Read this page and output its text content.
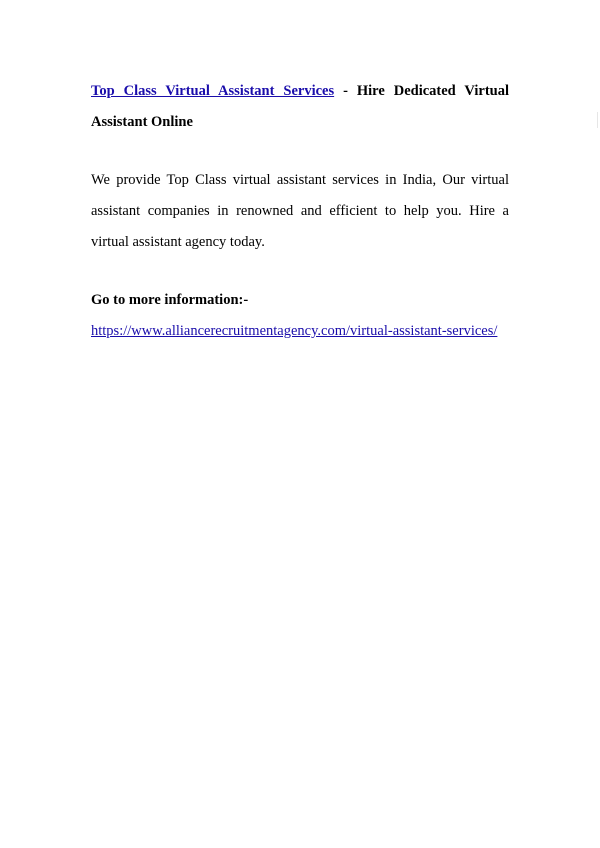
Top Class Virtual Assistant Services - Hire Dedicated Virtual Assistant Online

We provide Top Class virtual assistant services in India, Our virtual assistant companies in renowned and efficient to help you. Hire a virtual assistant agency today.

Go to more information:-

https://www.alliancerecruitmentagency.com/virtual-assistant-services/
